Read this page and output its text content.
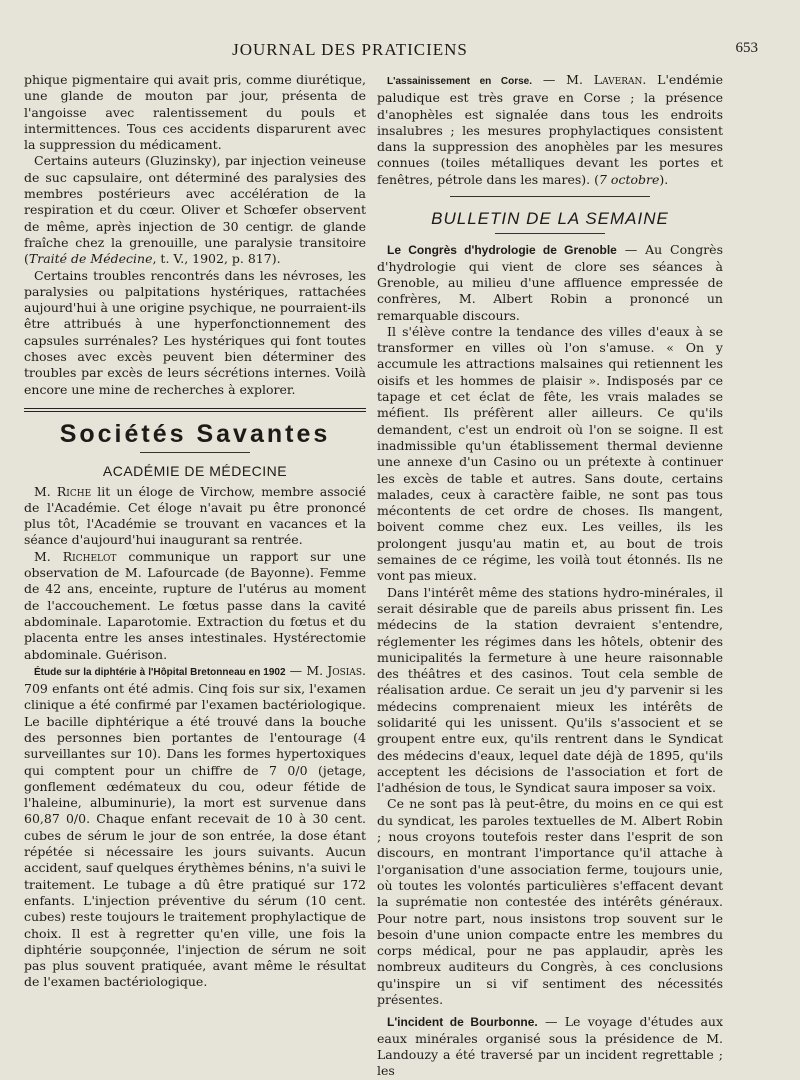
JOURNAL DES PRATICIENS	653

phique pigmentaire qui avait pris, comme diurétique, une glande de mouton par jour, présenta de l'angoisse avec ralentissement du pouls et intermittences. Tous ces accidents disparurent avec la suppression du médicament.

Certains auteurs (Gluzinsky), par injection veineuse de suc capsulaire, ont déterminé des paralysies des membres postérieurs avec accélération de la respiration et du cœur. Oliver et Schœfer observent de même, après injection de 30 centigr. de glande fraîche chez la grenouille, une paralysie transitoire (Traité de Médecine, t. V., 1902, p. 817).

Certains troubles rencontrés dans les névroses, les paralysies ou palpitations hystériques, rattachées aujourd'hui à une origine psychique, ne pourraient-ils être attribués à une hyperfonctionnement des capsules surrénales? Les hystériques qui font toutes choses avec excès peuvent bien déterminer des troubles par excès de leurs sécrétions internes. Voilà encore une mine de recherches à explorer.

Sociétés Savantes
ACADÉMIE DE MÉDECINE

M. Riche lit un éloge de Virchow, membre associé de l'Académie. Cet éloge n'avait pu être prononcé plus tôt, l'Académie se trouvant en vacances et la séance d'aujourd'hui inaugurant sa rentrée.

M. Richelot communique un rapport sur une observation de M. Lafourcade (de Bayonne). Femme de 42 ans, enceinte, rupture de l'utérus au moment de l'accouchement. Le fœtus passe dans la cavité abdominale. Laparotomie. Extraction du fœtus et du placenta entre les anses intestinales. Hystérectomie abdominale. Guérison.

Étude sur la diphtérie à l'Hôpital Bretonneau en 1902 — M. Josias. 709 enfants ont été admis. Cinq fois sur six, l'examen clinique a été confirmé par l'examen bactériologique. Le bacille diphtérique a été trouvé dans la bouche des personnes bien portantes de l'entourage (4 surveillantes sur 10). Dans les formes hypertoxiques qui comptent pour un chiffre de 7 0/0 (jetage, gonflement œdémateux du cou, odeur fétide de l'haleine, albuminurie), la mort est survenue dans 60,87 0/0. Chaque enfant recevait de 10 à 30 cent. cubes de sérum le jour de son entrée, la dose étant répétée si nécessaire les jours suivants. Aucun accident, sauf quelques érythèmes bénins, n'a suivi le traitement. Le tubage a dû être pratiqué sur 172 enfants. L'injection préventive du sérum (10 cent. cubes) reste toujours le traitement prophylactique de choix. Il est à regretter qu'en ville, une fois la diphtérie soupçonnée, l'injection de sérum ne soit pas plus souvent pratiquée, avant même le résultat de l'examen bactériologique.

L'assainissement en Corse. — M. Laveran. L'endémie paludique est très grave en Corse ; la présence d'anophèles est signalée dans tous les endroits insalubres ; les mesures prophylactiques consistent dans la suppression des anophèles par les mesures connues (toiles métalliques devant les portes et fenêtres, pétrole dans les mares). (7 octobre).

BULLETIN DE LA SEMAINE

Le Congrès d'hydrologie de Grenoble — Au Congrès d'hydrologie qui vient de clore ses séances à Grenoble, au milieu d'une affluence empressée de confrères, M. Albert Robin a prononcé un remarquable discours.

Il s'élève contre la tendance des villes d'eaux à se transformer en villes où l'on s'amuse. « On y accumule les attractions malsaines qui retiennent les oisifs et les hommes de plaisir ». Indisposés par ce tapage et cet éclat de fête, les vrais malades se méfient. Ils préfèrent aller ailleurs. Ce qu'ils demandent, c'est un endroit où l'on se soigne. Il est inadmissible qu'un établissement thermal devienne une annexe d'un Casino ou un prétexte à continuer les excès de table et autres. Sans doute, certains malades, ceux à caractère faible, ne sont pas tous mécontents de cet ordre de choses. Ils mangent, boivent comme chez eux. Les veilles, ils les prolongent jusqu'au matin et, au bout de trois semaines de ce régime, les voilà tout étonnés. Ils ne vont pas mieux.

Dans l'intérêt même des stations hydro-minérales, il serait désirable que de pareils abus prissent fin. Les médecins de la station devraient s'entendre, réglementer les régimes dans les hôtels, obtenir des municipalités la fermeture à une heure raisonnable des théâtres et des casinos. Tout cela semble de réalisation ardue. Ce serait un jeu d'y parvenir si les médecins comprenaient mieux les intérêts de solidarité qui les unissent. Qu'ils s'associent et se groupent entre eux, qu'ils rentrent dans le Syndicat des médecins d'eaux, lequel date déjà de 1895, qu'ils acceptent les décisions de l'association et fort de l'adhésion de tous, le Syndicat saura imposer sa voix.

Ce ne sont pas là peut-être, du moins en ce qui est du syndicat, les paroles textuelles de M. Albert Robin ; nous croyons toutefois rester dans l'esprit de son discours, en montrant l'importance qu'il attache à l'organisation d'une association ferme, toujours unie, où toutes les volontés particulières s'effacent devant la suprématie non contestée des intérêts généraux. Pour notre part, nous insistons trop souvent sur le besoin d'une union compacte entre les membres du corps médical, pour ne pas applaudir, après les nombreux auditeurs du Congrès, à ces conclusions qu'inspire un si vif sentiment des nécessités présentes.

L'incident de Bourbonne. — Le voyage d'études aux eaux minérales organisé sous la présidence de M. Landouzy a été traversé par un incident regrettable ; les
